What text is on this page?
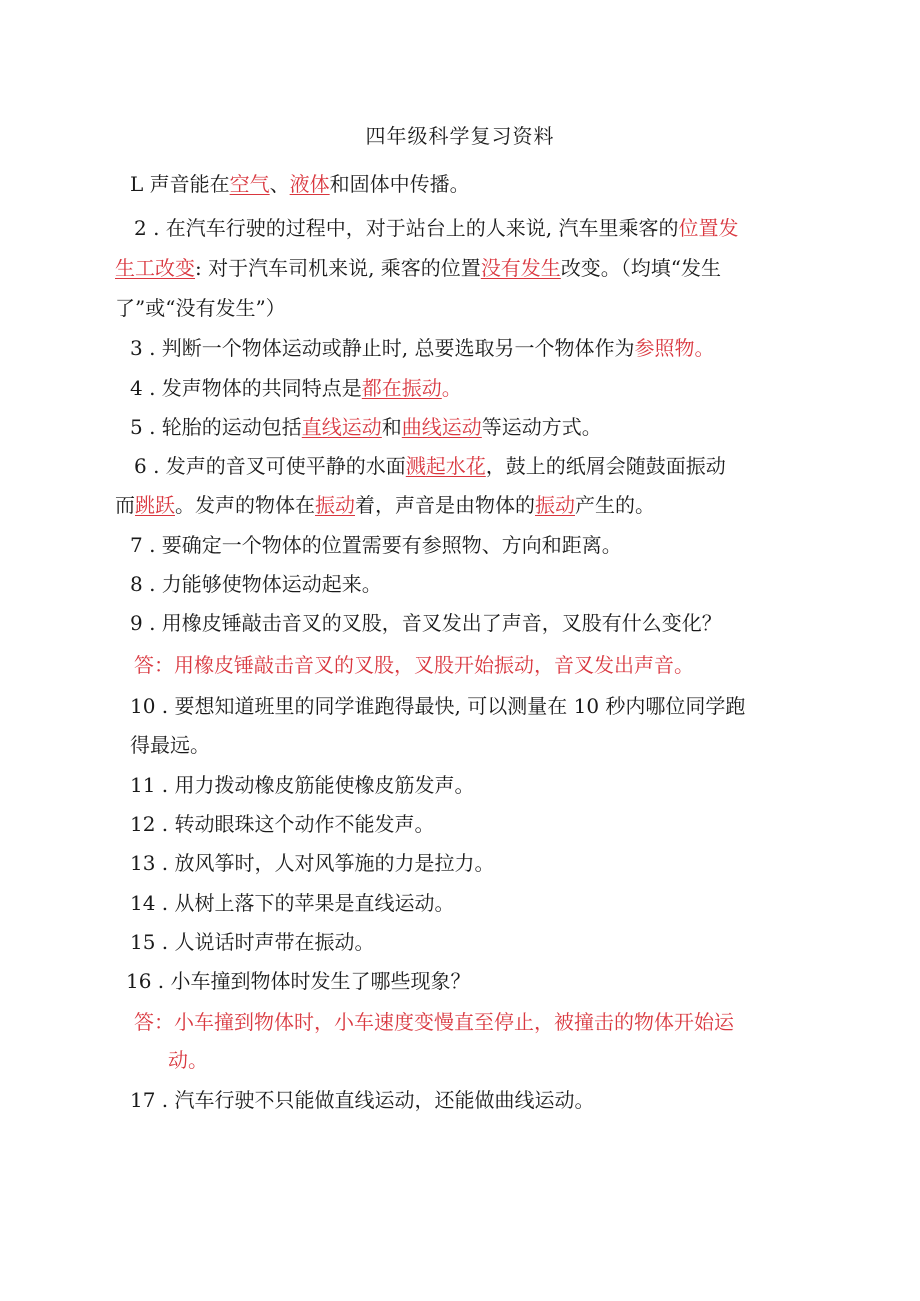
四年级科学复习资料
L 声音能在空气、液体和固体中传播。
2 . 在汽车行驶的过程中，对于站台上的人来说, 汽车里乘客的位置发
生工改变: 对于汽车司机来说, 乘客的位置没有发生改变。（均填“发生
了”或“没有发生”）
3 . 判断一个物体运动或静止时, 总要选取另一个物体作为参照物。
4 . 发声物体的共同特点是都在振动。
5 . 轮胎的运动包括直线运动和曲线运动等运动方式。
6 . 发声的音叉可使平静的水面溅起水花，鼓上的纸屑会随鼓面振动
而跳跃。发声的物体在振动着，声音是由物体的振动产生的。
7 . 要确定一个物体的位置需要有参照物、方向和距离。
8 . 力能够使物体运动起来。
9 . 用橡皮锤敲击音叉的叉股，音叉发出了声音，叉股有什么变化？
答：用橡皮锤敲击音叉的叉股，叉股开始振动，音叉发出声音。
10 . 要想知道班里的同学谁跑得最快, 可以测量在 10 秒内哪位同学跑
得最远。
11 . 用力拨动橡皮筋能使橡皮筋发声。
12 . 转动眼珠这个动作不能发声。
13 . 放风筝时，人对风筝施的力是拉力。
14 . 从树上落下的苹果是直线运动。
15 . 人说话时声带在振动。
16 . 小车撞到物体时发生了哪些现象？
答：小车撞到物体时，小车速度变慢直至停止，被撞击的物体开始运
动。
17 . 汽车行驶不只能做直线运动，还能做曲线运动。
